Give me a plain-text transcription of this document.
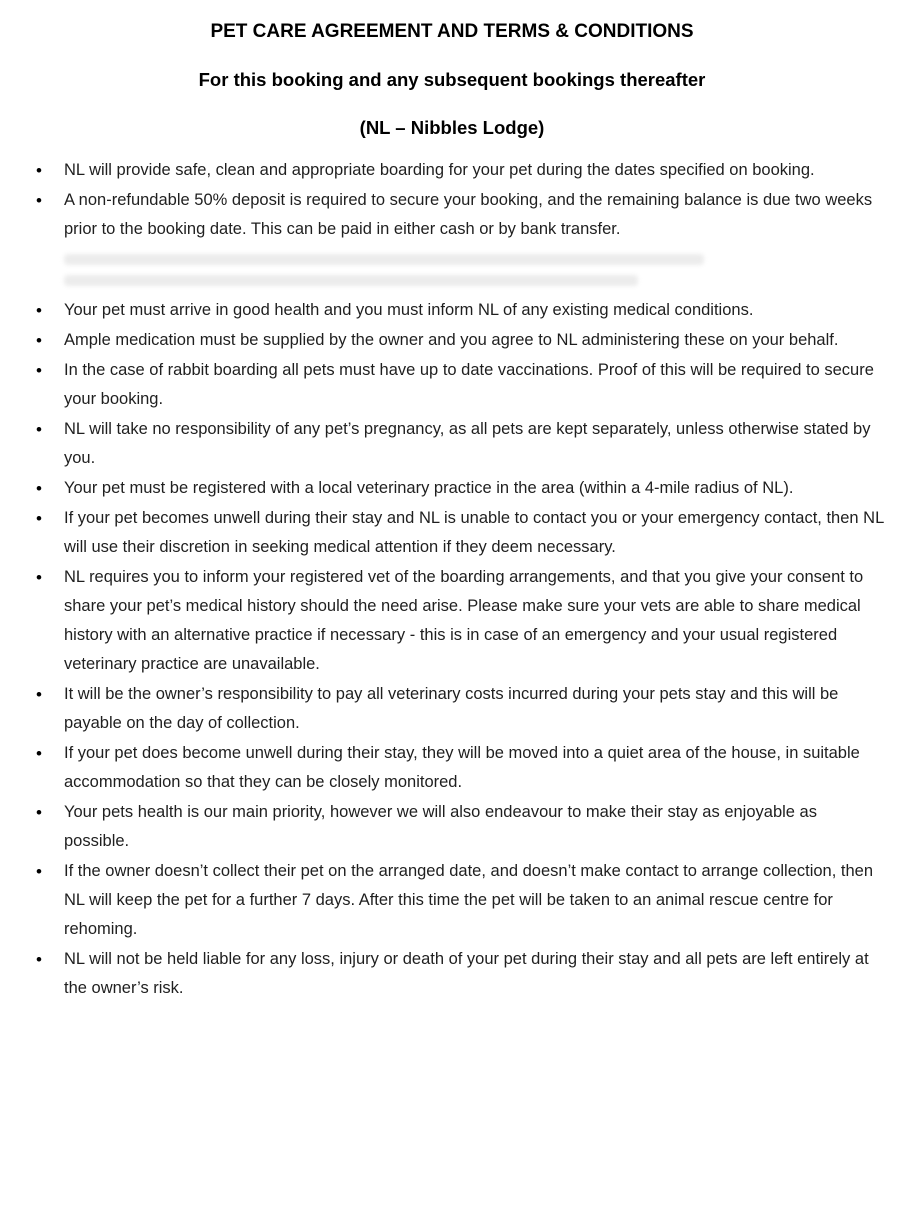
PET CARE AGREEMENT AND TERMS & CONDITIONS
For this booking and any subsequent bookings thereafter
(NL – Nibbles Lodge)
• NL will provide safe, clean and appropriate boarding for your pet during the dates specified on booking.
• A non-refundable 50% deposit is required to secure your booking, and the remaining balance is due two weeks prior to the booking date. This can be paid in either cash or by bank transfer.
• Your pet must arrive in good health and you must inform NL of any existing medical conditions.
• Ample medication must be supplied by the owner and you agree to NL administering these on your behalf.
• In the case of rabbit boarding all pets must have up to date vaccinations. Proof of this will be required to secure your booking.
• NL will take no responsibility of any pet’s pregnancy, as all pets are kept separately, unless otherwise stated by you.
• Your pet must be registered with a local veterinary practice in the area (within a 4-mile radius of NL).
• If your pet becomes unwell during their stay and NL is unable to contact you or your emergency contact, then NL will use their discretion in seeking medical attention if they deem necessary.
• NL requires you to inform your registered vet of the boarding arrangements, and that you give your consent to share your pet’s medical history should the need arise. Please make sure your vets are able to share medical history with an alternative practice if necessary - this is in case of an emergency and your usual registered veterinary practice are unavailable.
• It will be the owner’s responsibility to pay all veterinary costs incurred during your pets stay and this will be payable on the day of collection.
• If your pet does become unwell during their stay, they will be moved into a quiet area of the house, in suitable accommodation so that they can be closely monitored.
• Your pets health is our main priority, however we will also endeavour to make their stay as enjoyable as possible.
• If the owner doesn’t collect their pet on the arranged date, and doesn’t make contact to arrange collection, then NL will keep the pet for a further 7 days. After this time the pet will be taken to an animal rescue centre for rehoming.
• NL will not be held liable for any loss, injury or death of your pet during their stay and all pets are left entirely at the owner’s risk.
